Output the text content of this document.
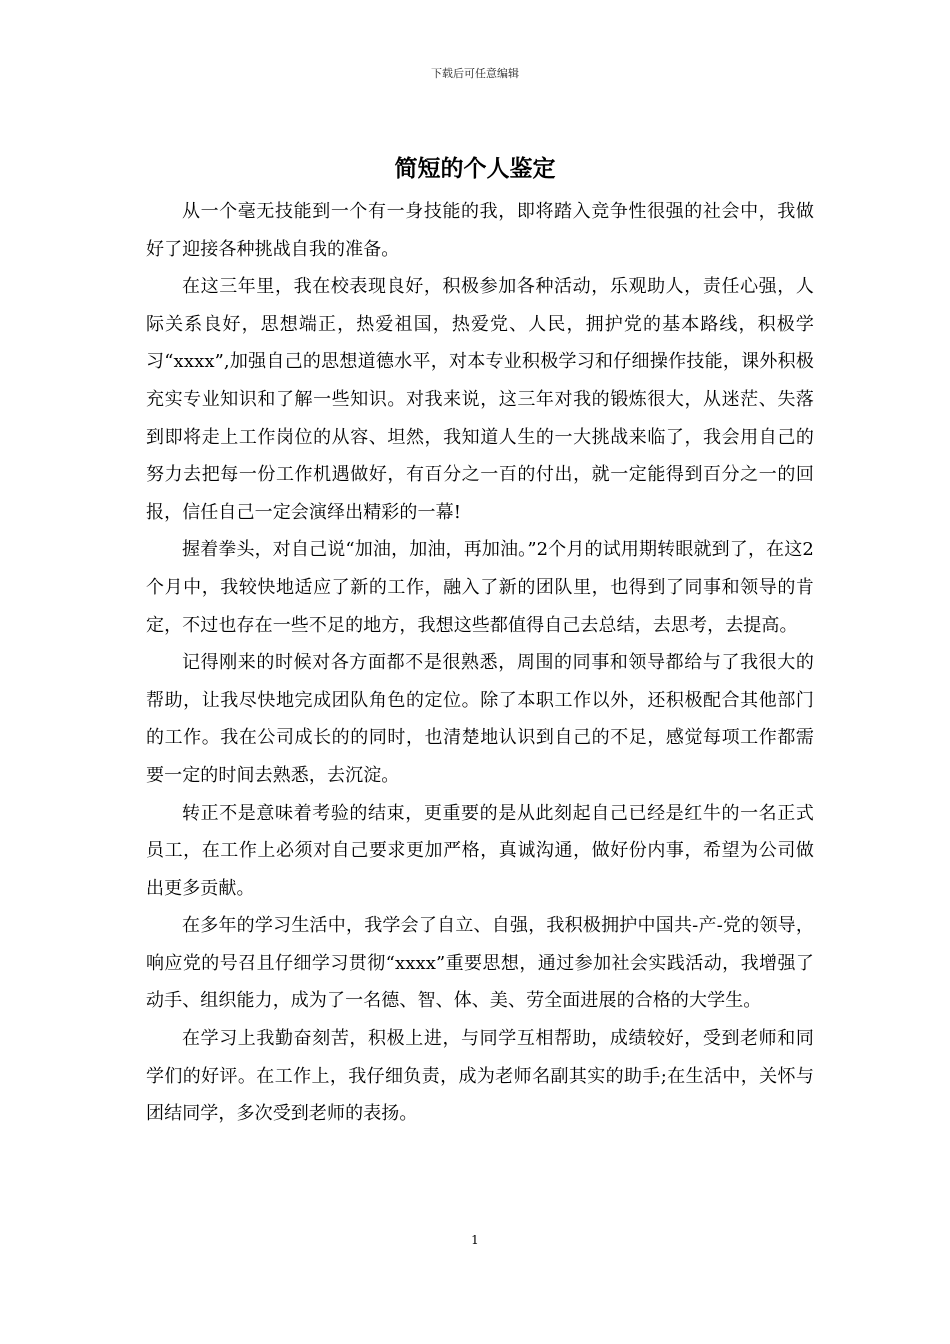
下载后可任意编辑
简短的个人鉴定

从一个毫无技能到一个有一身技能的我，即将踏入竞争性很强的社会中，我做好了迎接各种挑战自我的准备。

在这三年里，我在校表现良好，积极参加各种活动，乐观助人，责任心强，人际关系良好，思想端正，热爱祖国，热爱党、人民，拥护党的基本路线，积极学习“xxxx”,加强自己的思想道德水平，对本专业积极学习和仔细操作技能，课外积极充实专业知识和了解一些知识。对我来说，这三年对我的锻炼很大，从迷茫、失落到即将走上工作岗位的从容、坦然，我知道人生的一大挑战来临了，我会用自己的努力去把每一份工作机遇做好，有百分之一百的付出，就一定能得到百分之一的回报，信任自己一定会演绎出精彩的一幕!

握着拳头，对自己说“加油，加油，再加油。”2个月的试用期转眼就到了，在这2个月中，我较快地适应了新的工作，融入了新的团队里，也得到了同事和领导的肯定，不过也存在一些不足的地方，我想这些都值得自己去总结，去思考，去提高。

记得刚来的时候对各方面都不是很熟悉，周围的同事和领导都给与了我很大的帮助，让我尽快地完成团队角色的定位。除了本职工作以外，还积极配合其他部门的工作。我在公司成长的的同时，也清楚地认识到自己的不足，感觉每项工作都需要一定的时间去熟悉，去沉淀。

转正不是意味着考验的结束，更重要的是从此刻起自己已经是红牛的一名正式员工，在工作上必须对自己要求更加严格，真诚沟通，做好份内事，希望为公司做出更多贡献。

在多年的学习生活中，我学会了自立、自强，我积极拥护中国共-产-党的领导，响应党的号召且仔细学习贯彻“xxxx”重要思想，通过参加社会实践活动，我增强了动手、组织能力，成为了一名德、智、体、美、劳全面进展的合格的大学生。

在学习上我勤奋刻苦，积极上进，与同学互相帮助，成绩较好，受到老师和同学们的好评。在工作上，我仔细负责，成为老师名副其实的助手;在生活中，关怀与团结同学，多次受到老师的表扬。

1
